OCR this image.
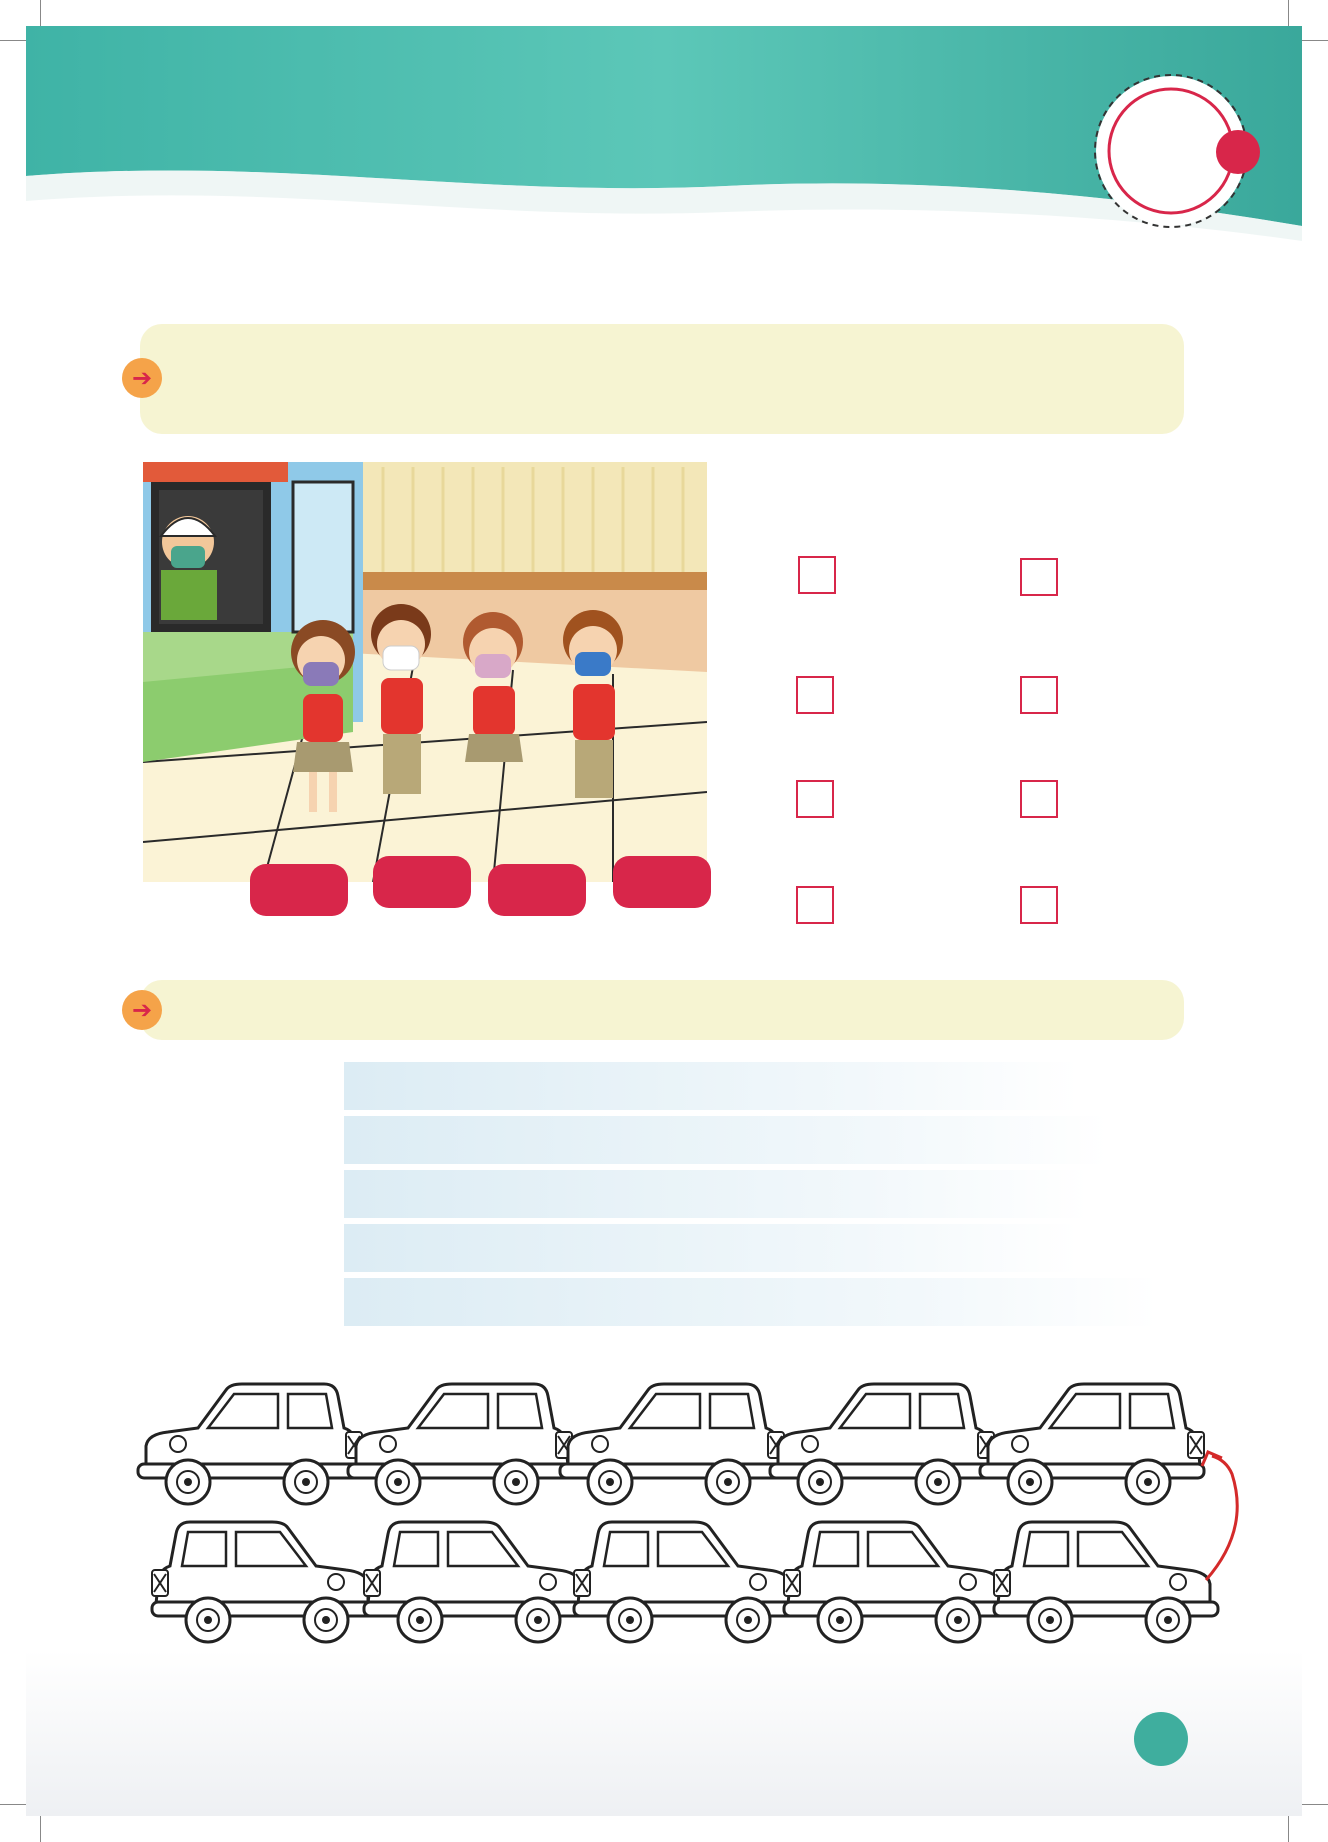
➔
➔
